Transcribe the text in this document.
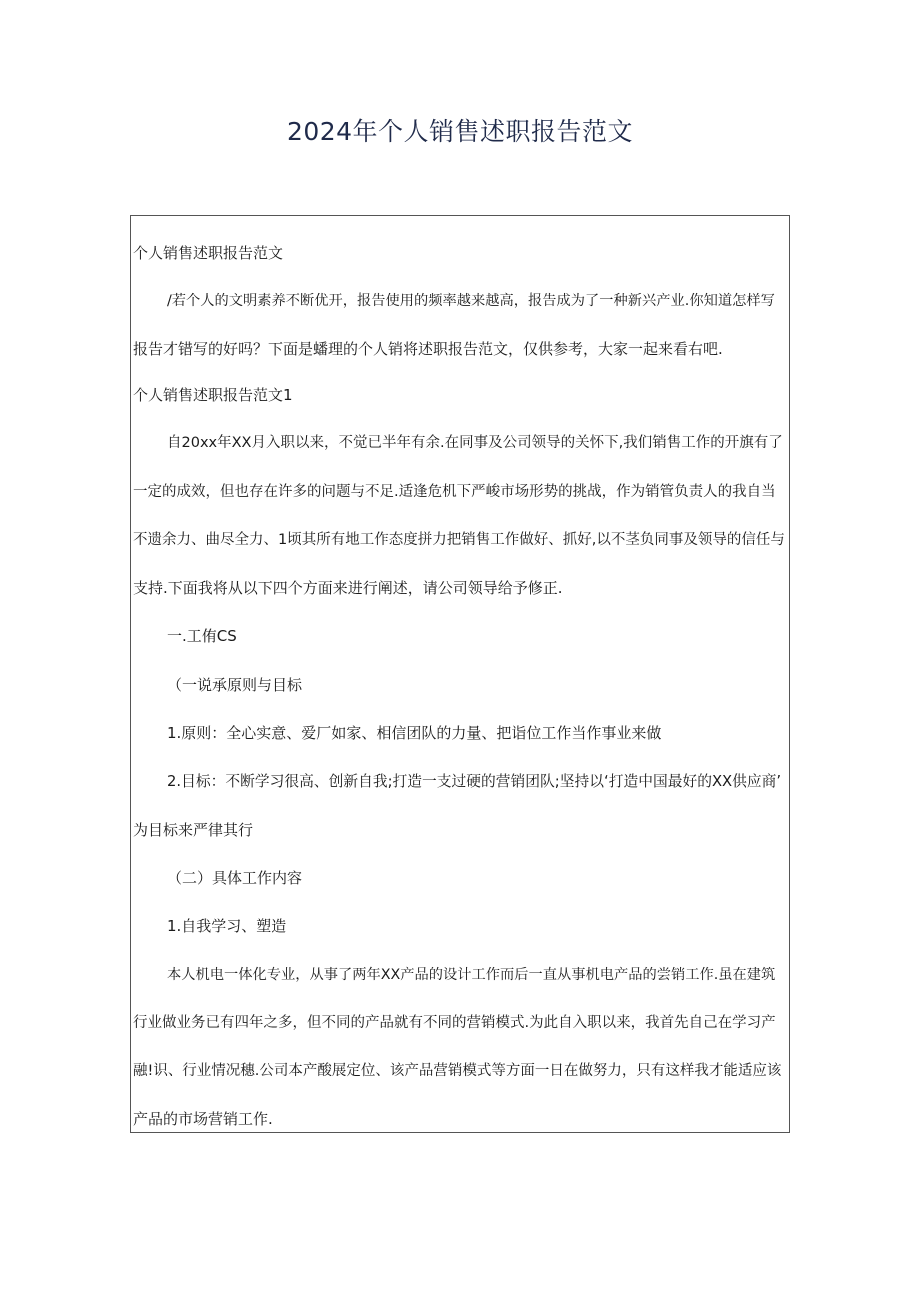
2024年个人销售述职报告范文
个人销售述职报告范文
/若个人的文明素养不断优开，报告使用的频率越来越高，报告成为了一种新兴产业.你知道怎样写
报告才错写的好吗？下面是蟠理的个人销将述职报告范文，仅供参考，大家一起来看右吧.
个人销售述职报告范文1
自20xx年XX月入职以来，不觉已半年有余.在同事及公司领导的关怀下,我们销售工作的开旗有了
一定的成效，但也存在许多的问题与不足.适逢危机下严峻市场形势的挑战，作为销管负责人的我自当
不遗余力、曲尽全力、1顷其所有地工作态度拼力把销售工作做好、抓好,以不茎负同事及领导的信任与
支持.下面我将从以下四个方面来进行阐述，请公司领导给予修正.
一.工侑CS
（一说承原则与目标
1.原则：全心实意、爱厂如家、相信团队的力量、把诣位工作当作事业来做
2.目标：不断学习很高、创新自我;打造一支过硬的营销团队;坚持以‘打造中国最好的XX供应商’
为目标来严律其行
（二）具体工作内容
1.自我学习、塑造
本人机电一体化专业，从事了两年XX产品的设计工作而后一直从事机电产品的尝销工作.虽在建筑
行业做业务已有四年之多，但不同的产品就有不同的营销模式.为此自入职以来，我首先自己在学习产
融!识、行业情况穗.公司本产酸展定位、该产品营销模式等方面一日在做努力，只有这样我才能适应该
产品的市场营销工作.
